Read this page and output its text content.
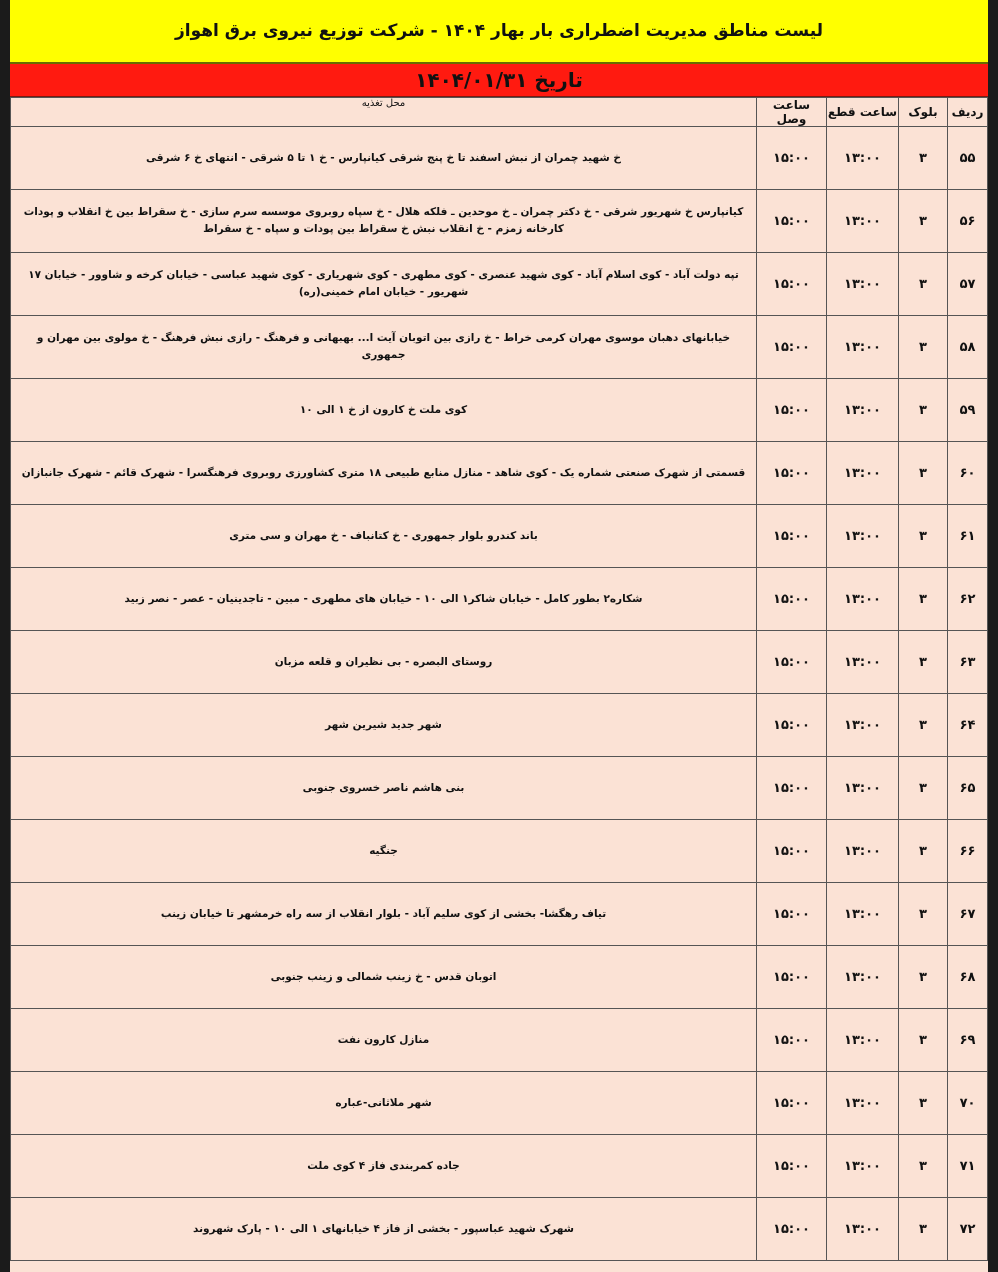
لیست مناطق مدیریت اضطراری بار بهار ۱۴۰۴ - شرکت توزیع نیروی برق اهواز
تاریخ ۱۴۰۴/۰۱/۳۱
ردیف	بلوک	ساعت قطع	ساعت وصل	محل تغذیه
۵۵	۳	۱۳:۰۰	۱۵:۰۰	خ شهید چمران از نبش اسفند تا خ پنج شرقی کیانپارس - خ ۱ تا ۵ شرقی - انتهای خ ۶ شرقی
۵۶	۳	۱۳:۰۰	۱۵:۰۰	کیانپارس خ شهریور شرقی - خ دکتر چمران ـ خ موحدین ـ فلکه هلال - خ سپاه روبروی موسسه سرم سازی - خ سقراط بین خ انقلاب و پودات کارخانه زمزم - خ انقلاب نبش خ سقراط بین پودات و سپاه - خ سقراط
۵۷	۳	۱۳:۰۰	۱۵:۰۰	تپه دولت آباد - کوی اسلام آباد - کوی شهید عنصری - کوی مطهری - کوی شهریاری - کوی شهید عباسی - خیابان کرخه و شاوور - خیابان ۱۷ شهریور - خیابان امام خمینی(ره)
۵۸	۳	۱۳:۰۰	۱۵:۰۰	خیابانهای دهبان موسوی مهران کرمی خراط - خ رازی بین اتوبان آیت ا... بهبهانی و فرهنگ - رازی نبش فرهنگ - خ مولوی بین مهران و جمهوری
۵۹	۳	۱۳:۰۰	۱۵:۰۰	کوی ملت خ کارون از خ ۱ الی ۱۰
۶۰	۳	۱۳:۰۰	۱۵:۰۰	قسمتی از شهرک صنعتی شماره یک - کوی شاهد - منازل منابع طبیعی ۱۸ متری کشاورزی روبروی فرهنگسرا - شهرک قائم - شهرک جانبازان
۶۱	۳	۱۳:۰۰	۱۵:۰۰	باند کندرو بلوار جمهوری - خ کتانباف - خ مهران و سی متری
۶۲	۳	۱۳:۰۰	۱۵:۰۰	شکاره۲ بطور کامل - خیابان شاکر۱ الی ۱۰ - خیابان های مطهری - مبین - تاجدینیان - عصر - نصر زبید
۶۳	۳	۱۳:۰۰	۱۵:۰۰	روستای البصره - بی نظیران و قلعه مزبان
۶۴	۳	۱۳:۰۰	۱۵:۰۰	شهر جدید شیرین شهر
۶۵	۳	۱۳:۰۰	۱۵:۰۰	بنی هاشم ناصر خسروی جنوبی
۶۶	۳	۱۳:۰۰	۱۵:۰۰	جنگیه
۶۷	۳	۱۳:۰۰	۱۵:۰۰	تیاف رهگشا- بخشی از کوی سلیم آباد - بلوار انقلاب از سه راه خرمشهر تا خیابان زینب
۶۸	۳	۱۳:۰۰	۱۵:۰۰	اتوبان قدس - خ زینب شمالی و زینب جنوبی
۶۹	۳	۱۳:۰۰	۱۵:۰۰	منازل کارون نفت
۷۰	۳	۱۳:۰۰	۱۵:۰۰	شهر ملاثانی-عباره
۷۱	۳	۱۳:۰۰	۱۵:۰۰	جاده کمربندی فاز ۴ کوی ملت
۷۲	۳	۱۳:۰۰	۱۵:۰۰	شهرک شهید عباسپور - بخشی از فاز ۴ خیابانهای ۱ الی ۱۰ - پارک شهروند
